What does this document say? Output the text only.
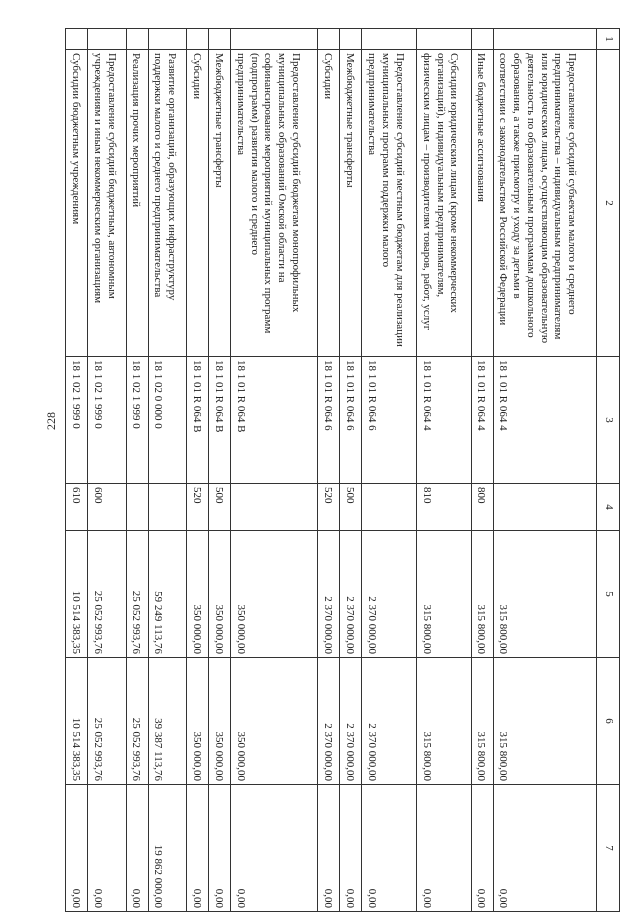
228
1	2	3	4	5	6	7
	Предоставление субсидий субъектам малого и среднего предпринимательства – индивидуальным предпринимателям или юридическим лицам, осуществляющим образовательную деятельность по образовательным программам дошкольного образования, а также присмотру и уходу за детьми в соответствии с законодательством Российской Федерации	18 1 01 R 064 4		315 800,00	315 800,00	0,00
	Иные бюджетные ассигнования	18 1 01 R 064 4	800	315 800,00	315 800,00	0,00
	Субсидии юридическим лицам (кроме некоммерческих организаций), индивидуальным предпринимателям, физическим лицам – производителям товаров, работ, услуг	18 1 01 R 064 4	810	315 800,00	315 800,00	0,00
	Предоставление субсидий местным бюджетам для реализации муниципальных программ поддержки малого предпринимательства	18 1 01 R 064 6		2 370 000,00	2 370 000,00	0,00
	Межбюджетные трансферты	18 1 01 R 064 6	500	2 370 000,00	2 370 000,00	0,00
	Субсидии	18 1 01 R 064 6	520	2 370 000,00	2 370 000,00	0,00
	Предоставление субсидий бюджетам монопрофильных муниципальных образований Омской области на софинансирование мероприятий муниципальных программ (подпрограмм) развития малого и среднего предпринимательства	18 1 01 R 064 B		350 000,00	350 000,00	0,00
	Межбюджетные трансферты	18 1 01 R 064 B	500	350 000,00	350 000,00	0,00
	Субсидии	18 1 01 R 064 B	520	350 000,00	350 000,00	0,00
	Развитие организаций, образующих инфраструктуру поддержки малого и среднего предпринимательства	18 1 02 0 000 0		59 249 113,76	39 387 113,76	19 862 000,00
	Реализация прочих мероприятий	18 1 02 1 999 0		25 052 993,76	25 052 993,76	0,00
	Предоставление субсидий бюджетным, автономным учреждениям и иным некоммерческим организациям	18 1 02 1 999 0	600	25 052 993,76	25 052 993,76	0,00
	Субсидии бюджетным учреждениям	18 1 02 1 999 0	610	10 514 383,35	10 514 383,35	0,00
